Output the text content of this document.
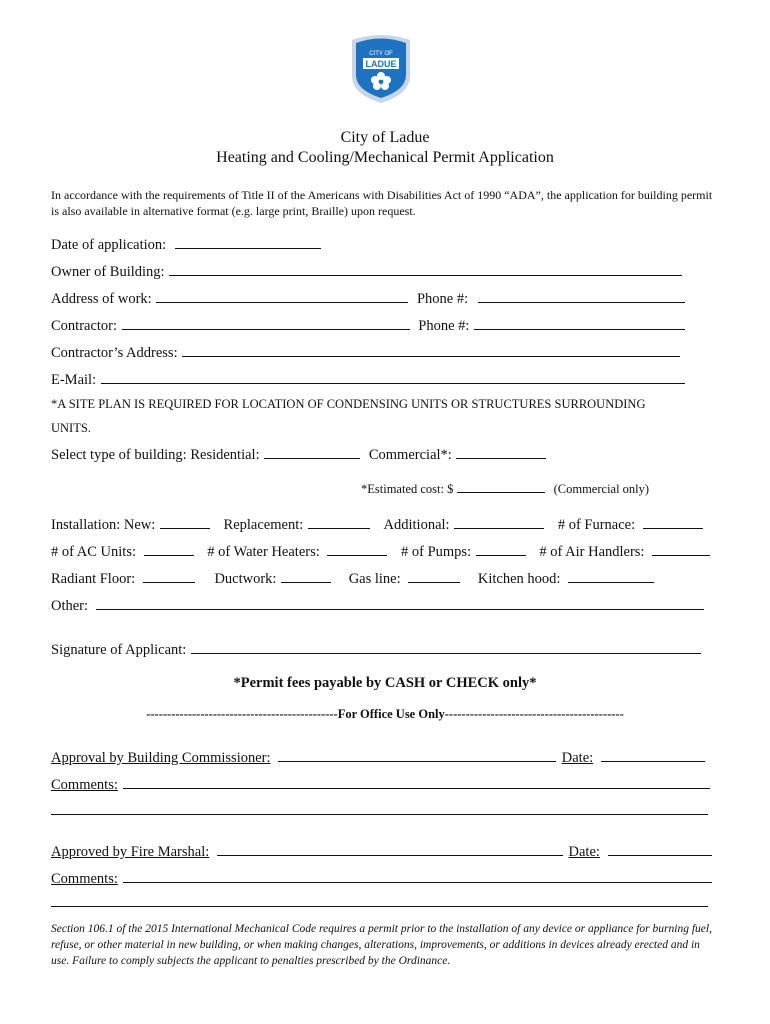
CITY OF
LADUE
City of Ladue
Heating and Cooling/Mechanical Permit Application
In accordance with the requirements of Title II of the Americans with Disabilities Act of 1990 “ADA”, the application for building permit is also available in alternative format (e.g. large print, Braille) upon request.
Date of application:
Owner of Building:
Address of work:	Phone #:
Contractor:	Phone #:
Contractor’s Address:
E-Mail:
*A SITE PLAN IS REQUIRED FOR LOCATION OF CONDENSING UNITS OR STRUCTURES SURROUNDING
UNITS.
Select type of building: Residential:	Commercial*:
*Estimated cost: $	(Commercial only)
Installation: New:	Replacement:	Additional:	# of Furnace:
# of AC Units:	# of Water Heaters:	# of Pumps:	# of Air Handlers:
Radiant Floor:	Ductwork:	Gas line:	Kitchen hood:
Other:
Signature of Applicant:
*Permit fees payable by CASH or CHECK only*
----------------------------------------------For Office Use Only-------------------------------------------
Approval by Building Commissioner:	Date:
Comments:
Approved by Fire Marshal:	Date:
Comments:
Section 106.1 of the 2015 International Mechanical Code requires a permit prior to the installation of any device or appliance for burning fuel, refuse, or other material in new building, or when making changes, alterations, improvements, or additions in devices already erected and in use. Failure to comply subjects the applicant to penalties prescribed by the Ordinance.
